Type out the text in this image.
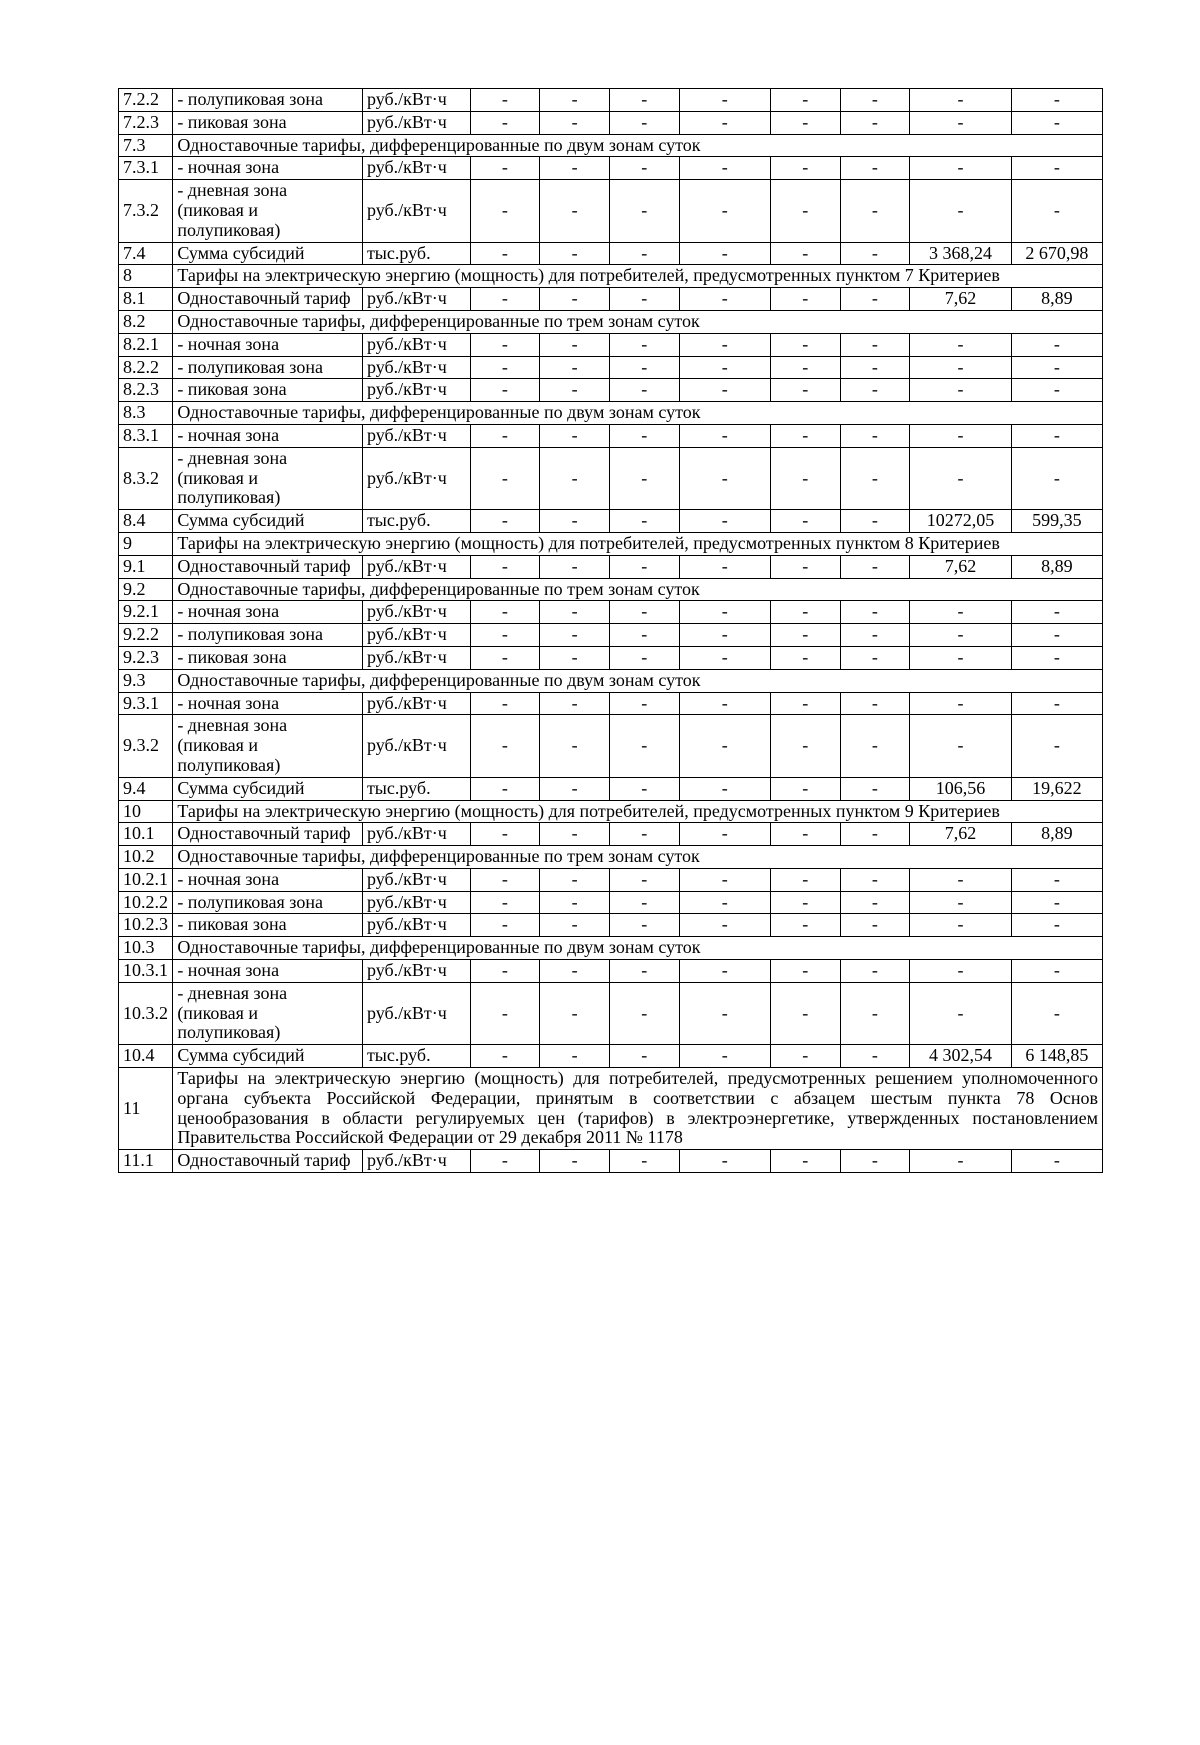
7.2.2	- полупиковая зона	руб./кВт·ч	-	-	-	-	-	-	-	-
7.2.3	- пиковая зона	руб./кВт·ч	-	-	-	-	-	-	-	-
7.3	Одноставочные тарифы, дифференцированные по двум зонам суток									
7.3.1	- ночная зона	руб./кВт·ч	-	-	-	-	-	-	-	-
7.3.2	- дневная зона (пиковая и полупиковая)	руб./кВт·ч	-	-	-	-	-	-	-	-
7.4	Сумма субсидий	тыс.руб.	-	-	-	-	-	-	3 368,24	2 670,98
8	Тарифы на электрическую энергию (мощность) для потребителей, предусмотренных пунктом 7 Критериев									
8.1	Одноставочный тариф	руб./кВт·ч	-	-	-	-	-	-	7,62	8,89
8.2	Одноставочные тарифы, дифференцированные по трем зонам суток									
8.2.1	- ночная зона	руб./кВт·ч	-	-	-	-	-	-	-	-
8.2.2	- полупиковая зона	руб./кВт·ч	-	-	-	-	-	-	-	-
8.2.3	- пиковая зона	руб./кВт·ч	-	-	-	-	-	-	-	-
8.3	Одноставочные тарифы, дифференцированные по двум зонам суток									
8.3.1	- ночная зона	руб./кВт·ч	-	-	-	-	-	-	-	-
8.3.2	- дневная зона (пиковая и полупиковая)	руб./кВт·ч	-	-	-	-	-	-	-	-
8.4	Сумма субсидий	тыс.руб.	-	-	-	-	-	-	10272,05	599,35
9	Тарифы на электрическую энергию (мощность) для потребителей, предусмотренных пунктом 8 Критериев									
9.1	Одноставочный тариф	руб./кВт·ч	-	-	-	-	-	-	7,62	8,89
9.2	Одноставочные тарифы, дифференцированные по трем зонам суток									
9.2.1	- ночная зона	руб./кВт·ч	-	-	-	-	-	-	-	-
9.2.2	- полупиковая зона	руб./кВт·ч	-	-	-	-	-	-	-	-
9.2.3	- пиковая зона	руб./кВт·ч	-	-	-	-	-	-	-	-
9.3	Одноставочные тарифы, дифференцированные по двум зонам суток									
9.3.1	- ночная зона	руб./кВт·ч	-	-	-	-	-	-	-	-
9.3.2	- дневная зона (пиковая и полупиковая)	руб./кВт·ч	-	-	-	-	-	-	-	-
9.4	Сумма субсидий	тыс.руб.	-	-	-	-	-	-	106,56	19,622
10	Тарифы на электрическую энергию (мощность) для потребителей, предусмотренных пунктом 9 Критериев									
10.1	Одноставочный тариф	руб./кВт·ч	-	-	-	-	-	-	7,62	8,89
10.2	Одноставочные тарифы, дифференцированные по трем зонам суток									
10.2.1	- ночная зона	руб./кВт·ч	-	-	-	-	-	-	-	-
10.2.2	- полупиковая зона	руб./кВт·ч	-	-	-	-	-	-	-	-
10.2.3	- пиковая зона	руб./кВт·ч	-	-	-	-	-	-	-	-
10.3	Одноставочные тарифы, дифференцированные по двум зонам суток									
10.3.1	- ночная зона	руб./кВт·ч	-	-	-	-	-	-	-	-
10.3.2	- дневная зона (пиковая и полупиковая)	руб./кВт·ч	-	-	-	-	-	-	-	-
10.4	Сумма субсидий	тыс.руб.	-	-	-	-	-	-	4 302,54	6 148,85
11	Тарифы на электрическую энергию (мощность) для потребителей, предусмотренных решением уполномоченного органа субъекта Российской Федерации, принятым в соответствии с абзацем шестым пункта 78 Основ ценообразования в области регулируемых цен (тарифов) в электроэнергетике, утвержденных постановлением Правительства Российской Федерации от 29 декабря 2011 № 1178									
11.1	Одноставочный тариф	руб./кВт·ч	-	-	-	-	-	-	-	-
